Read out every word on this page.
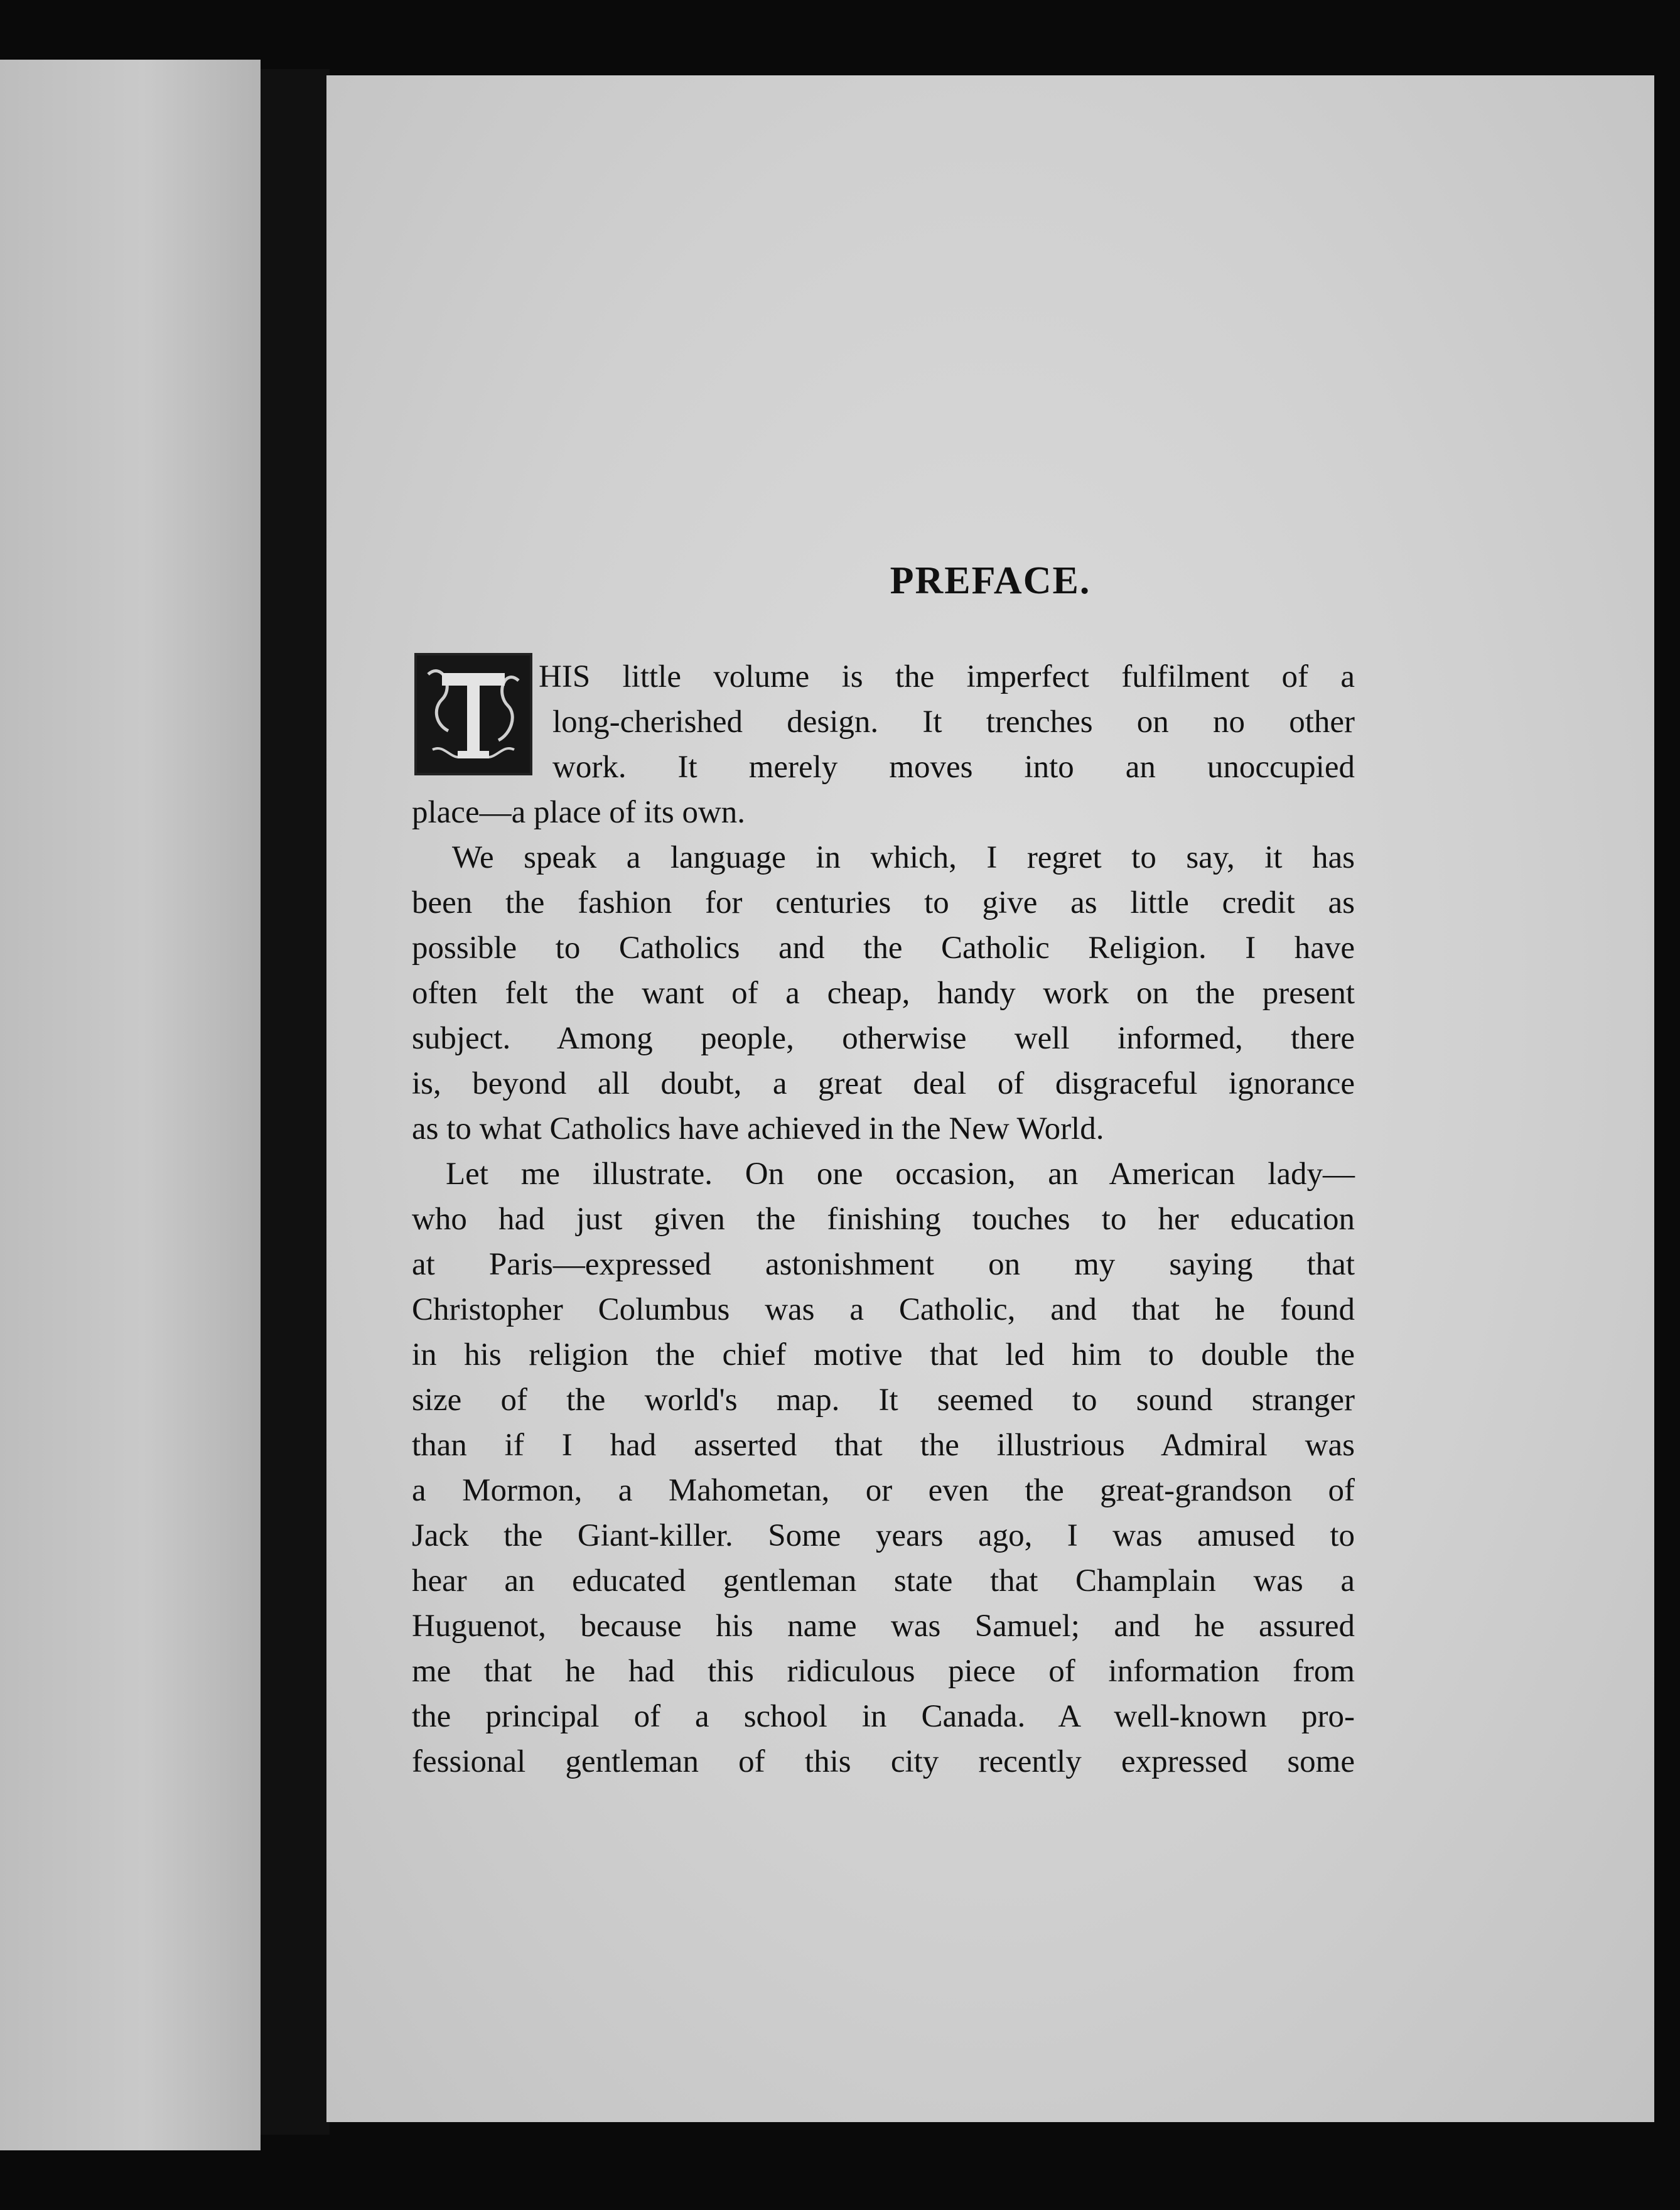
PREFACE.
HIS little volume is the imperfect fulfilment of a
long-cherished design. It trenches on no other
work. It merely moves into an unoccupied
place—a place of its own.
We speak a language in which, I regret to say, it has
been the fashion for centuries to give as little credit as
possible to Catholics and the Catholic Religion. I have
often felt the want of a cheap, handy work on the present
subject. Among people, otherwise well informed, there
is, beyond all doubt, a great deal of disgraceful ignorance
as to what Catholics have achieved in the New World.
Let me illustrate. On one occasion, an American lady—
who had just given the finishing touches to her education
at Paris—expressed astonishment on my saying that
Christopher Columbus was a Catholic, and that he found
in his religion the chief motive that led him to double the
size of the world's map. It seemed to sound stranger
than if I had asserted that the illustrious Admiral was
a Mormon, a Mahometan, or even the great-grandson of
Jack the Giant-killer. Some years ago, I was amused to
hear an educated gentleman state that Champlain was a
Huguenot, because his name was Samuel; and he assured
me that he had this ridiculous piece of information from
the principal of a school in Canada. A well-known pro-
fessional gentleman of this city recently expressed some
